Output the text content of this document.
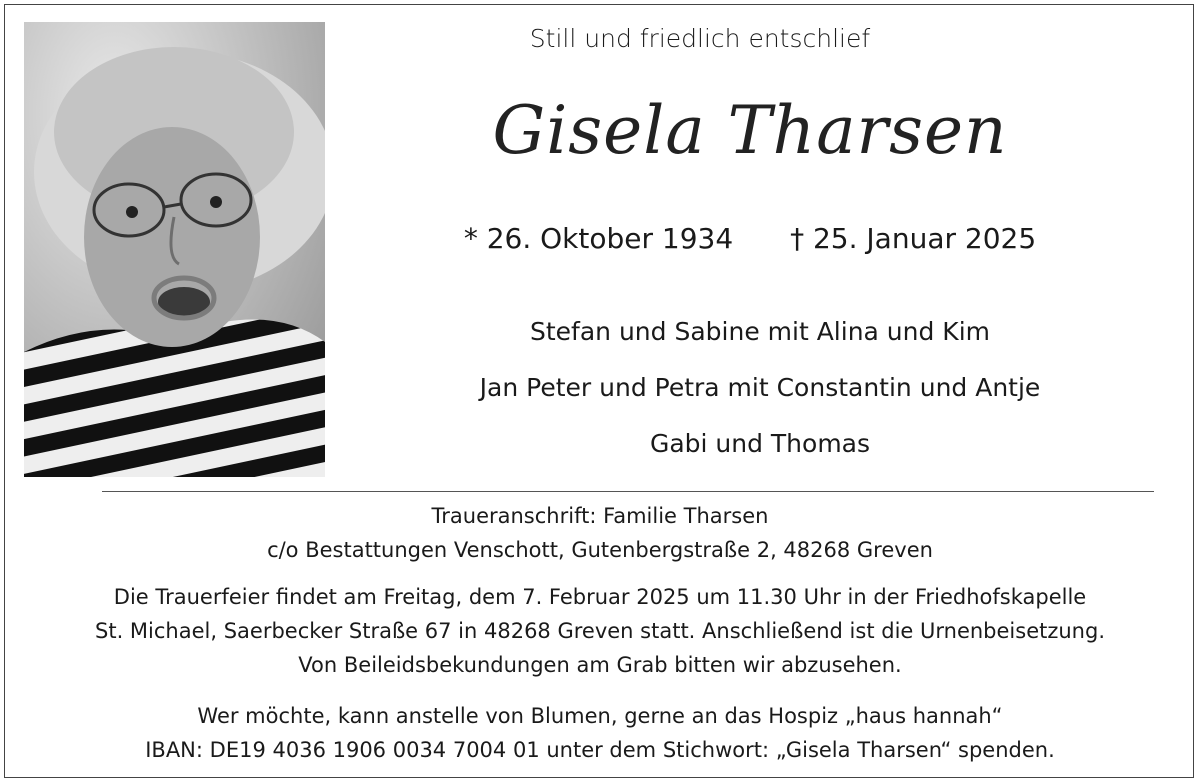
Still und friedlich entschlief
Gisela Tharsen
* 26. Oktober 1934 † 25. Januar 2025
Stefan und Sabine mit Alina und Kim
Jan Peter und Petra mit Constantin und Antje
Gabi und Thomas
Traueranschrift: Familie Tharsen
c/o Bestattungen Venschott, Gutenbergstraße 2, 48268 Greven
Die Trauerfeier findet am Freitag, dem 7. Februar 2025 um 11.30 Uhr in der Friedhofskapelle
St. Michael, Saerbecker Straße 67 in 48268 Greven statt. Anschließend ist die Urnenbeisetzung.
Von Beileidsbekundungen am Grab bitten wir abzusehen.
Wer möchte, kann anstelle von Blumen, gerne an das Hospiz „haus hannah“
IBAN: DE19 4036 1906 0034 7004 01 unter dem Stichwort: „Gisela Tharsen“ spenden.
